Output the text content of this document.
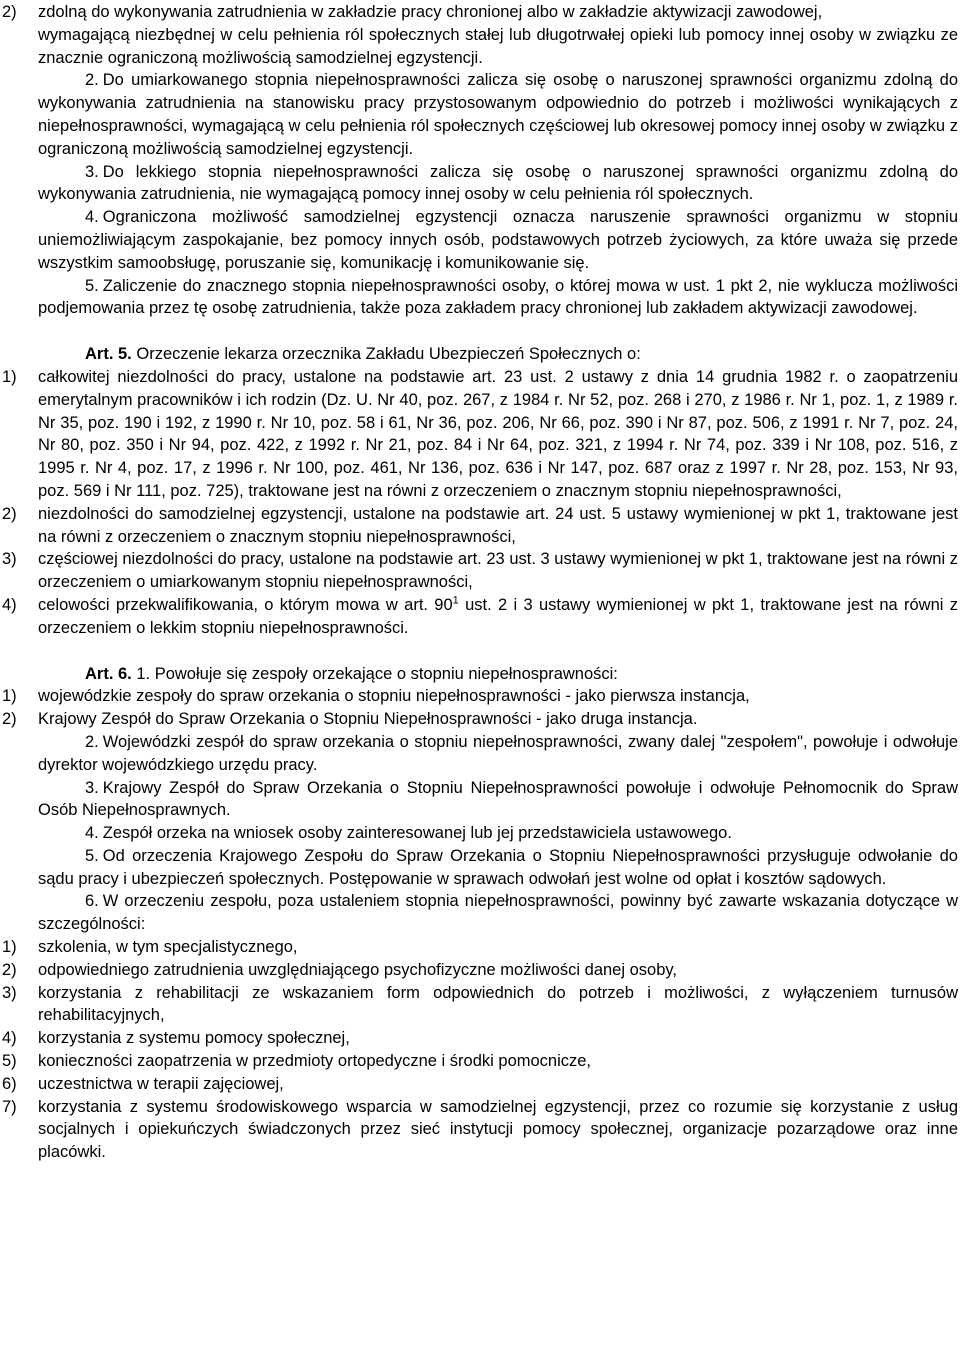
2)	zdolną do wykonywania zatrudnienia w zakładzie pracy chronionej albo w zakładzie aktywizacji zawodowej,
wymagającą niezbędnej w celu pełnienia ról społecznych stałej lub długotrwałej opieki lub pomocy innej osoby w związku ze znacznie ograniczoną możliwością samodzielnej egzystencji.
2. Do umiarkowanego stopnia niepełnosprawności zalicza się osobę o naruszonej sprawności organizmu zdolną do wykonywania zatrudnienia na stanowisku pracy przystosowanym odpowiednio do potrzeb i możliwości wynikających z niepełnosprawności, wymagającą w celu pełnienia ról społecznych częściowej lub okresowej pomocy innej osoby w związku z ograniczoną możliwością samodzielnej egzystencji.
3. Do lekkiego stopnia niepełnosprawności zalicza się osobę o naruszonej sprawności organizmu zdolną do wykonywania zatrudnienia, nie wymagającą pomocy innej osoby w celu pełnienia ról społecznych.
4. Ograniczona możliwość samodzielnej egzystencji oznacza naruszenie sprawności organizmu w stopniu uniemożliwiającym zaspokajanie, bez pomocy innych osób, podstawowych potrzeb życiowych, za które uważa się przede wszystkim samoobsługę, poruszanie się, komunikację i komunikowanie się.
5. Zaliczenie do znacznego stopnia niepełnosprawności osoby, o której mowa w ust. 1 pkt 2, nie wyklucza możliwości podjemowania przez tę osobę zatrudnienia, także poza zakładem pracy chronionej lub zakładem aktywizacji zawodowej.
Art. 5. Orzeczenie lekarza orzecznika Zakładu Ubezpieczeń Społecznych o:
1)	całkowitej niezdolności do pracy, ustalone na podstawie art. 23 ust. 2 ustawy z dnia 14 grudnia 1982 r. o zaopatrzeniu emerytalnym pracowników i ich rodzin (Dz. U. Nr 40, poz. 267, z 1984 r. Nr 52, poz. 268 i 270, z 1986 r. Nr 1, poz. 1, z 1989 r. Nr 35, poz. 190 i 192, z 1990 r. Nr 10, poz. 58 i 61, Nr 36, poz. 206, Nr 66, poz. 390 i Nr 87, poz. 506, z 1991 r. Nr 7, poz. 24, Nr 80, poz. 350 i Nr 94, poz. 422, z 1992 r. Nr 21, poz. 84 i Nr 64, poz. 321, z 1994 r. Nr 74, poz. 339 i Nr 108, poz. 516, z 1995 r. Nr 4, poz. 17, z 1996 r. Nr 100, poz. 461, Nr 136, poz. 636 i Nr 147, poz. 687 oraz z 1997 r. Nr 28, poz. 153, Nr 93, poz. 569 i Nr 111, poz. 725), traktowane jest na równi z orzeczeniem o znacznym stopniu niepełnosprawności,
2)	niezdolności do samodzielnej egzystencji, ustalone na podstawie art. 24 ust. 5 ustawy wymienionej w pkt 1, traktowane jest na równi z orzeczeniem o znacznym stopniu niepełnosprawności,
3)	częściowej niezdolności do pracy, ustalone na podstawie art. 23 ust. 3 ustawy wymienionej w pkt 1, traktowane jest na równi z orzeczeniem o umiarkowanym stopniu niepełnosprawności,
4)	celowości przekwalifikowania, o którym mowa w art. $90^1$ ust. 2 i 3 ustawy wymienionej w pkt 1, traktowane jest na równi z orzeczeniem o lekkim stopniu niepełnosprawności.
Art. 6. 1. Powołuje się zespoły orzekające o stopniu niepełnosprawności:
1)	wojewódzkie zespoły do spraw orzekania o stopniu niepełnosprawności - jako pierwsza instancja,
2)	Krajowy Zespół do Spraw Orzekania o Stopniu Niepełnosprawności - jako druga instancja.
2. Wojewódzki zespół do spraw orzekania o stopniu niepełnosprawności, zwany dalej "zespołem", powołuje i odwołuje dyrektor wojewódzkiego urzędu pracy.
3. Krajowy Zespół do Spraw Orzekania o Stopniu Niepełnosprawności powołuje i odwołuje Pełnomocnik do Spraw Osób Niepełnosprawnych.
4. Zespół orzeka na wniosek osoby zainteresowanej lub jej przedstawiciela ustawowego.
5. Od orzeczenia Krajowego Zespołu do Spraw Orzekania o Stopniu Niepełnosprawności przysługuje odwołanie do sądu pracy i ubezpieczeń społecznych. Postępowanie w sprawach odwołań jest wolne od opłat i kosztów sądowych.
6. W orzeczeniu zespołu, poza ustaleniem stopnia niepełnosprawności, powinny być zawarte wskazania dotyczące w szczególności:
1)	szkolenia, w tym specjalistycznego,
2)	odpowiedniego zatrudnienia uwzględniającego psychofizyczne możliwości danej osoby,
3)	korzystania z rehabilitacji ze wskazaniem form odpowiednich do potrzeb i możliwości, z wyłączeniem turnusów rehabilitacyjnych,
4)	korzystania z systemu pomocy społecznej,
5)	konieczności zaopatrzenia w przedmioty ortopedyczne i środki pomocnicze,
6)	uczestnictwa w terapii zajęciowej,
7)	korzystania z systemu środowiskowego wsparcia w samodzielnej egzystencji, przez co rozumie się korzystanie z usług socjalnych i opiekuńczych świadczonych przez sieć instytucji pomocy społecznej, organizacje pozarządowe oraz inne placówki.
